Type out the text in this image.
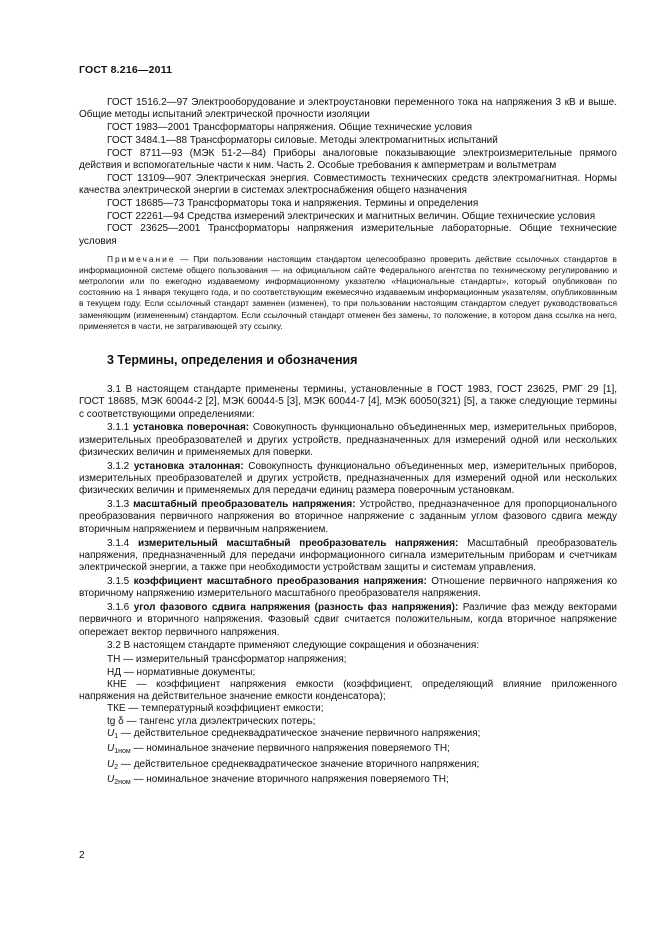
ГОСТ 8.216—2011

ГОСТ 1516.2—97 Электрооборудование и электроустановки переменного тока на напряжения 3 кВ и выше. Общие методы испытаний электрической прочности изоляции

ГОСТ 1983—2001 Трансформаторы напряжения. Общие технические условия

ГОСТ 3484.1—88 Трансформаторы силовые. Методы электромагнитных испытаний

ГОСТ 8711—93 (МЭК 51-2—84) Приборы аналоговые показывающие электроизмерительные прямого действия и вспомогательные части к ним. Часть 2. Особые требования к амперметрам и вольтметрам

ГОСТ 13109—907 Электрическая энергия. Совместимость технических средств электромагнитная. Нормы качества электрической энергии в системах электроснабжения общего назначения

ГОСТ 18685—73 Трансформаторы тока и напряжения. Термины и определения

ГОСТ 22261—94 Средства измерений электрических и магнитных величин. Общие технические условия

ГОСТ 23625—2001 Трансформаторы напряжения измерительные лабораторные. Общие технические условия

Примечание — При пользовании настоящим стандартом целесообразно проверить действие ссылочных стандартов в информационной системе общего пользования — на официальном сайте Федерального агентства по техническому регулированию и метрологии или по ежегодно издаваемому информационному указателю «Национальные стандарты», который опубликован по состоянию на 1 января текущего года, и по соответствующим ежемесячно издаваемым информационным указателям, опубликованным в текущем году. Если ссылочный стандарт заменен (изменен), то при пользовании настоящим стандартом следует руководствоваться заменяющим (измененным) стандартом. Если ссылочный стандарт отменен без замены, то положение, в котором дана ссылка на него, применяется в части, не затрагивающей эту ссылку.
3 Термины, определения и обозначения

3.1 В настоящем стандарте применены термины, установленные в ГОСТ 1983, ГОСТ 23625, РМГ 29 [1], ГОСТ 18685, МЭК 60044-2 [2], МЭК 60044-5 [3], МЭК 60044-7 [4], МЭК 60050(321) [5], а также следующие термины с соответствующими определениями:

3.1.1 установка поверочная: Совокупность функционально объединенных мер, измерительных приборов, измерительных преобразователей и других устройств, предназначенных для измерений одной или нескольких физических величин и применяемых для поверки.

3.1.2 установка эталонная: Совокупность функционально объединенных мер, измерительных приборов, измерительных преобразователей и других устройств, предназначенных для измерений одной или нескольких физических величин и применяемых для передачи единиц размера поверочным установкам.

3.1.3 масштабный преобразователь напряжения: Устройство, предназначенное для пропорционального преобразования первичного напряжения во вторичное напряжение с заданным углом фазового сдвига между вторичным напряжением и первичным напряжением.

3.1.4 измерительный масштабный преобразователь напряжения: Масштабный преобразователь напряжения, предназначенный для передачи информационного сигнала измерительным приборам и счетчикам электрической энергии, а также при необходимости устройствам защиты и системам управления.

3.1.5 коэффициент масштабного преобразования напряжения: Отношение первичного напряжения ко вторичному напряжению измерительного масштабного преобразователя напряжения.

3.1.6 угол фазового сдвига напряжения (разность фаз напряжения): Различие фаз между векторами первичного и вторичного напряжения. Фазовый сдвиг считается положительным, когда вторичное напряжение опережает вектор первичного напряжения.

3.2 В настоящем стандарте применяют следующие сокращения и обозначения:

ТН — измерительный трансформатор напряжения;

НД — нормативные документы;

КНЕ — коэффициент напряжения емкости (коэффициент, определяющий влияние приложенного напряжения на действительное значение емкости конденсатора);

ТКЕ — температурный коэффициент емкости;

tg δ — тангенс угла диэлектрических потерь;

$U_1$ — действительное среднеквадратическое значение первичного напряжения;

$U_{1ном}$ — номинальное значение первичного напряжения поверяемого ТН;

$U_2$ — действительное среднеквадратическое значение вторичного напряжения;

$U_{2ном}$ — номинальное значение вторичного напряжения поверяемого ТН;

2
